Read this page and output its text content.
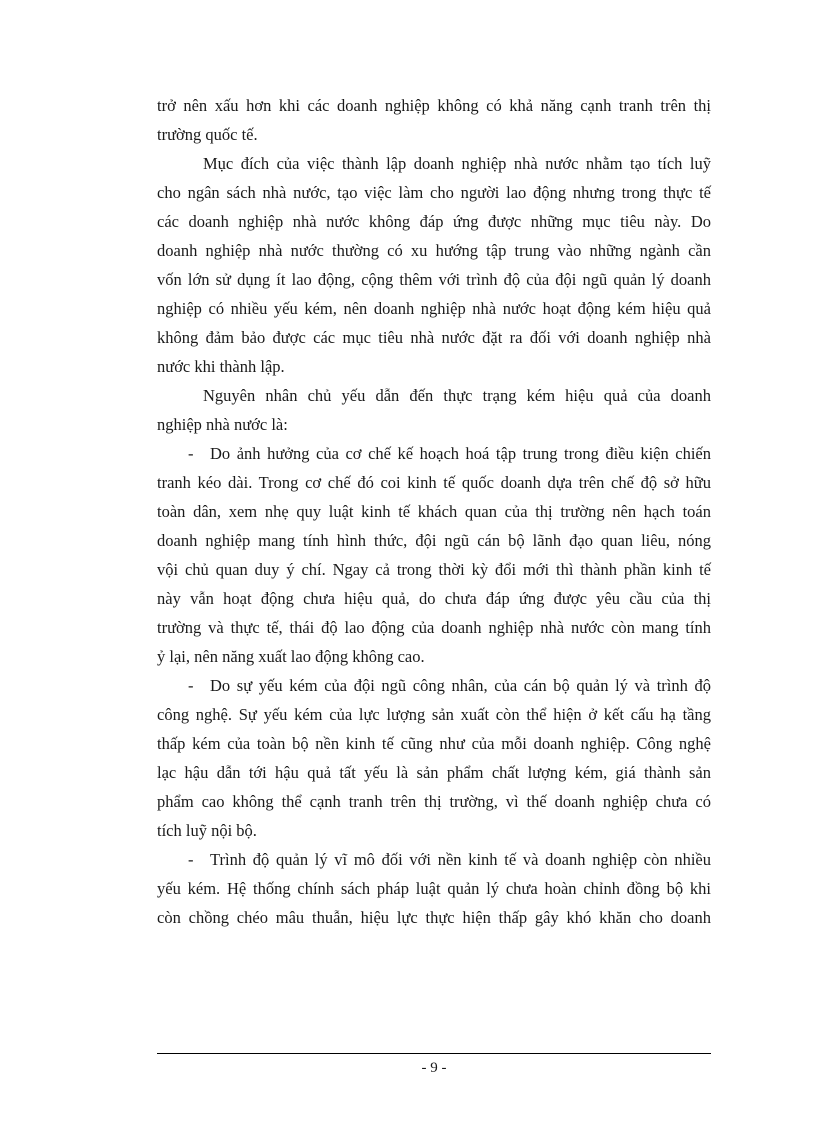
trở nên xấu hơn khi các doanh nghiệp không có khả năng cạnh tranh trên thị
trường quốc tế.
Mục đích của việc thành lập doanh nghiệp nhà nước nhằm tạo tích luỹ
cho ngân sách nhà nước, tạo việc làm cho người lao động nhưng trong thực tế
các doanh nghiệp nhà nước không đáp ứng được những mục tiêu này. Do
doanh nghiệp nhà nước thường có xu hướng tập trung vào những ngành cần
vốn lớn sử dụng ít lao động, cộng thêm với trình độ của đội ngũ quản lý doanh
nghiệp có nhiều yếu kém, nên doanh nghiệp nhà nước hoạt động kém hiệu quả
không đảm bảo được các mục tiêu nhà nước đặt ra đối với doanh nghiệp nhà
nước khi thành lập.
Nguyên nhân chủ yếu dẫn đến thực trạng kém hiệu quả của doanh
nghiệp nhà nước là:
- Do ảnh hưởng của cơ chế kế hoạch hoá tập trung trong điều kiện chiến
tranh kéo dài. Trong cơ chế đó coi kinh tế quốc doanh dựa trên chế độ sở hữu
toàn dân, xem nhẹ quy luật kinh tế khách quan của thị trường nên hạch toán
doanh nghiệp mang tính hình thức, đội ngũ cán bộ lãnh đạo quan liêu, nóng
vội chủ quan duy ý chí. Ngay cả trong thời kỳ đổi mới thì thành phần kinh tế
này vẫn hoạt động chưa hiệu quả, do chưa đáp ứng được yêu cầu của thị
trường và thực tế, thái độ lao động của doanh nghiệp nhà nước còn mang tính
ỷ lại, nên năng xuất lao động không cao.
- Do sự yếu kém của đội ngũ công nhân, của cán bộ quản lý và trình độ
công nghệ. Sự yếu kém của lực lượng sản xuất còn thể hiện ở kết cấu hạ tầng
thấp kém của toàn bộ nền kinh tế cũng như của mỗi doanh nghiệp. Công nghệ
lạc hậu dẫn tới hậu quả tất yếu là sản phẩm chất lượng kém, giá thành sản
phẩm cao không thể cạnh tranh trên thị trường, vì thế doanh nghiệp chưa có
tích luỹ nội bộ.
- Trình độ quản lý vĩ mô đối với nền kinh tế và doanh nghiệp còn nhiều
yếu kém. Hệ thống chính sách pháp luật quản lý chưa hoàn chỉnh đồng bộ khi
còn chồng chéo mâu thuẫn, hiệu lực thực hiện thấp gây khó khăn cho doanh
- 9 -
